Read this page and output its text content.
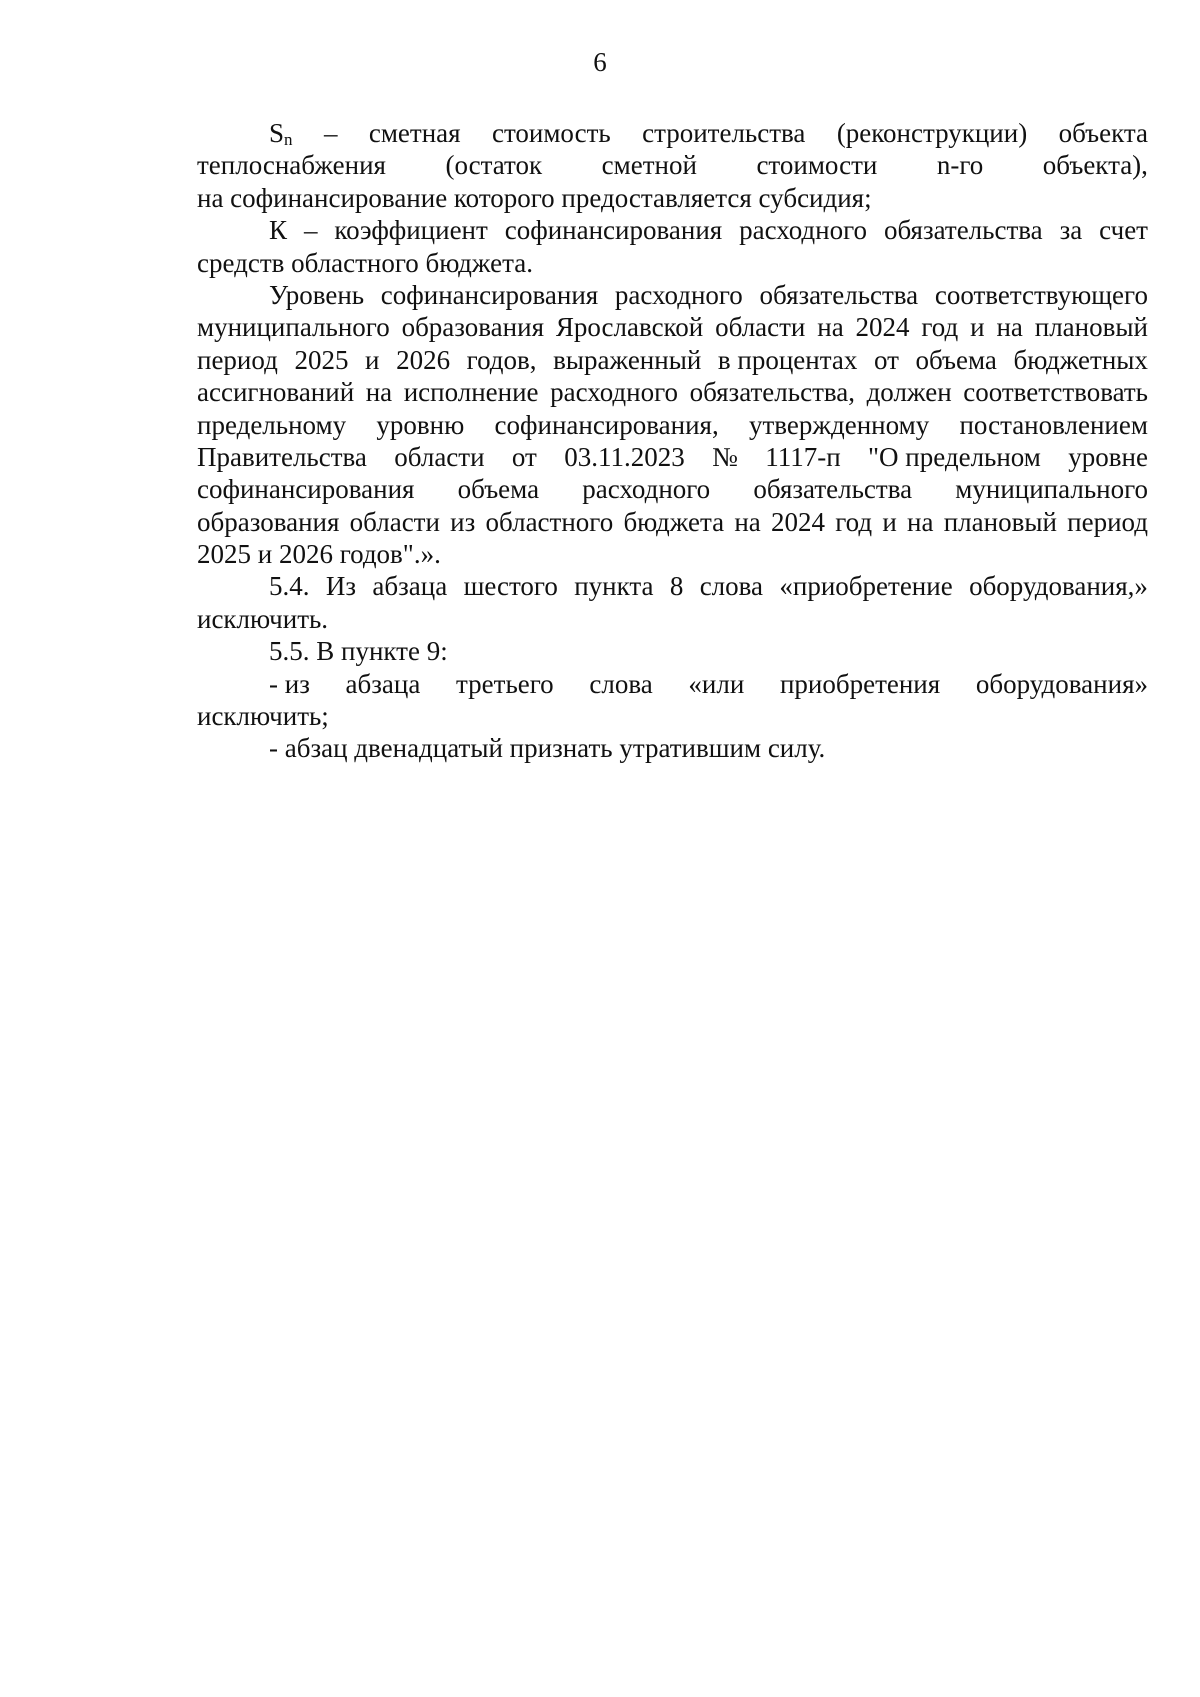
6
Sn – сметная стоимость строительства (реконструкции) объекта
теплоснабжения (остаток сметной стоимости n-го объекта),
на софинансирование которого предоставляется субсидия;
К – коэффициент софинансирования расходного обязательства за счет
средств областного бюджета.
Уровень софинансирования расходного обязательства соответствующего
муниципального образования Ярославской области на 2024 год и на плановый
период 2025 и 2026 годов, выраженный в процентах от объема бюджетных
ассигнований на исполнение расходного обязательства, должен соответствовать
предельному уровню софинансирования, утвержденному постановлением
Правительства области от 03.11.2023 № 1117-п "О предельном уровне
софинансирования объема расходного обязательства муниципального
образования области из областного бюджета на 2024 год и на плановый период
2025 и 2026 годов".».
5.4. Из абзаца шестого пункта 8 слова «приобретение оборудования,»
исключить.
5.5. В пункте 9:
- из абзаца третьего слова «или приобретения оборудования»
исключить;
- абзац двенадцатый признать утратившим силу.
